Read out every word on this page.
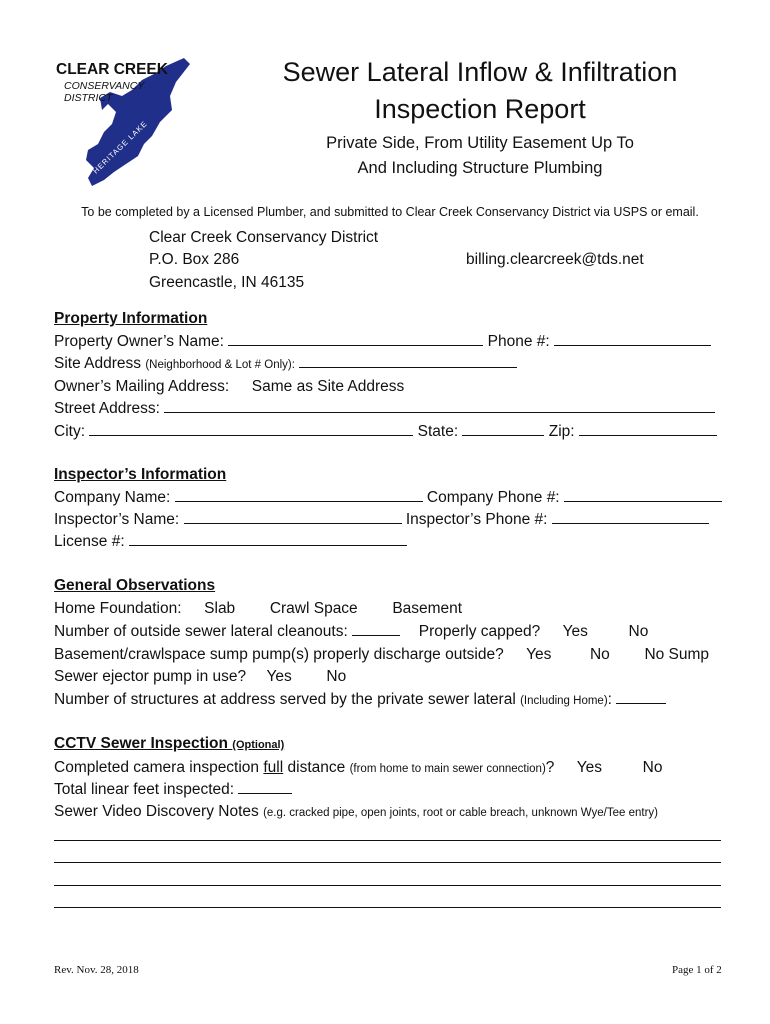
CLEAR CREEK
CONSERVANCY
DISTRICT
HERITAGE LAKE
Sewer Lateral Inflow & Infiltration
Inspection Report
Private Side, From Utility Easement Up To
And Including Structure Plumbing
To be completed by a Licensed Plumber, and submitted to Clear Creek Conservancy District via USPS or email.
Clear Creek Conservancy District
P.O. Box 286
Greencastle, IN 46135
billing.clearcreek@tds.net
Property Information
Property Owner’s Name:	Phone #:
Site Address (Neighborhood & Lot # Only):
Owner’s Mailing Address: Same as Site Address
Street Address:
City:	State:	Zip:
Inspector’s Information
Company Name:	Company Phone #:
Inspector’s Name:	Inspector’s Phone #:
License #:
General Observations
Home Foundation: Slab Crawl Space Basement
Number of outside sewer lateral cleanouts:	Properly capped? Yes	No
Basement/crawlspace sump pump(s) properly discharge outside? Yes No No Sump
Sewer ejector pump in use? Yes No
Number of structures at address served by the private sewer lateral (Including Home):
CCTV Sewer Inspection (Optional)
Completed camera inspection full distance (from home to main sewer connection)? Yes	No
Total linear feet inspected:
Sewer Video Discovery Notes (e.g. cracked pipe, open joints, root or cable breach, unknown Wye/Tee entry)
Rev. Nov. 28, 2018	Page 1 of 2
